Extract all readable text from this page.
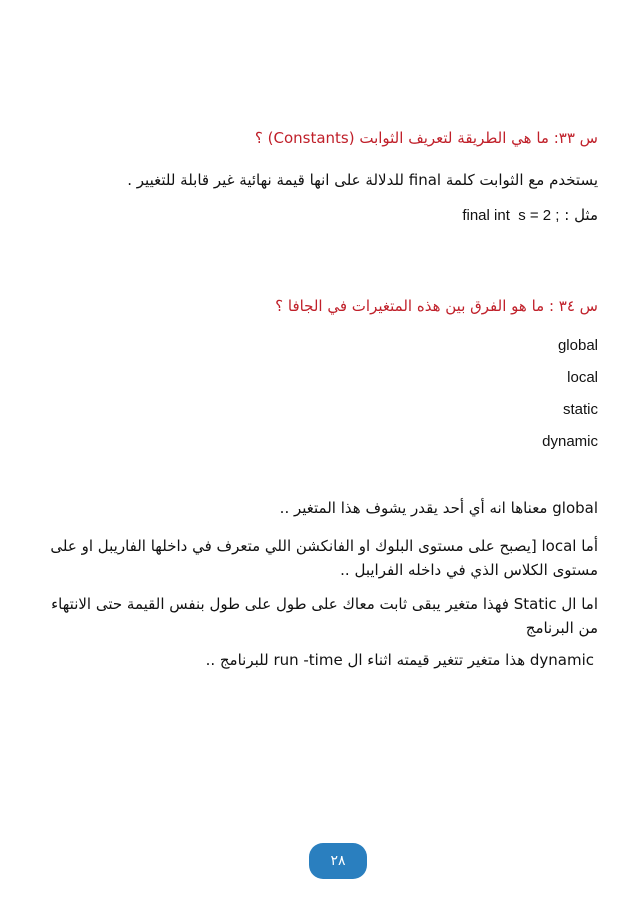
س ٣٣: ما هي الطريقة لتعريف الثوابت (Constants) ؟
يستخدم مع الثوابت كلمة final للدلالة على انها قيمة نهائية غير قابلة للتغيير .
مثل : final int  s = 2 ;
س ٣٤ : ما هو الفرق بين هذه المتغيرات في الجافا ؟
global
local
static
dynamic
global معناها انه أي أحد يقدر يشوف هذا المتغير ..
أما local [يصبح على مستوى البلوك او الفانكشن اللي متعرف في داخلها الفاريبل او على مستوى الكلاس الذي في داخله الفرايبل ..
اما ال Static فهذا متغير يبقى ثابت معاك على طول على طول بنفس القيمة حتى الانتهاء من البرنامج
dynamic هذا متغير تتغير قيمته اثناء ال run -time للبرنامج ..
٢٨
